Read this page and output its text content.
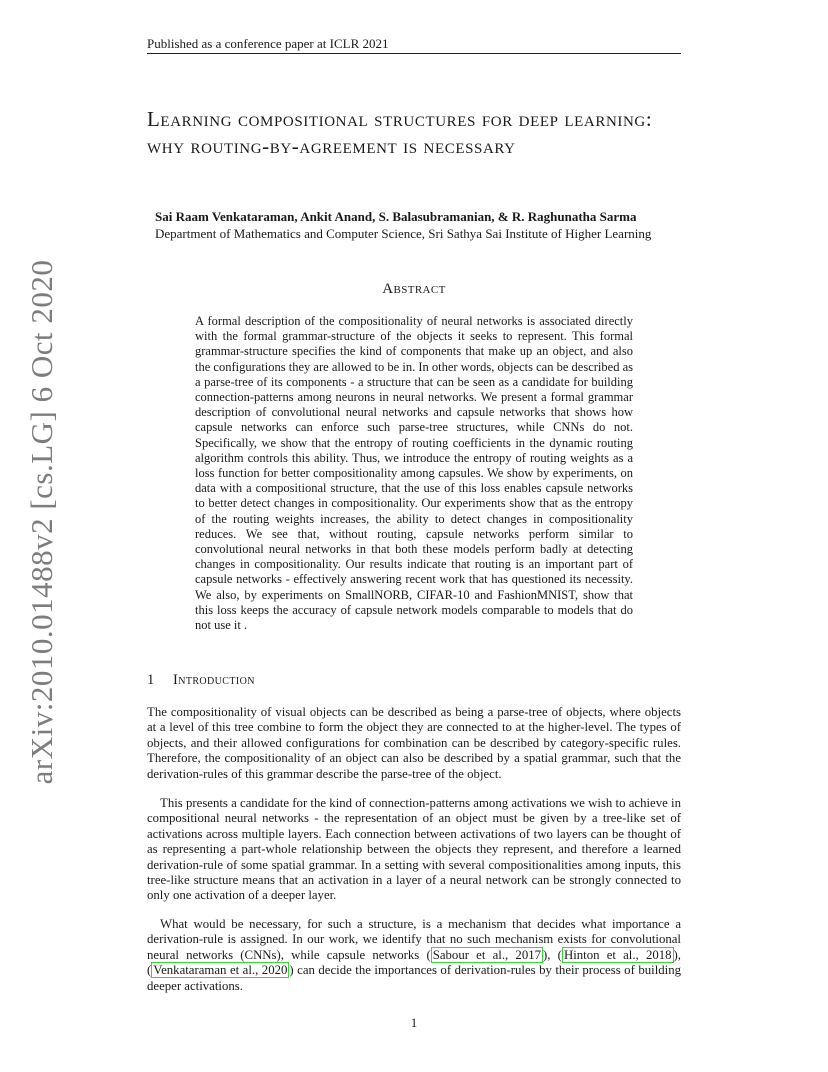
Published as a conference paper at ICLR 2021
Learning compositional structures for deep learning: why routing-by-agreement is necessary
Sai Raam Venkataraman, Ankit Anand, S. Balasubramanian, & R. Raghunatha Sarma
Department of Mathematics and Computer Science, Sri Sathya Sai Institute of Higher Learning
Abstract

A formal description of the compositionality of neural networks is associated directly with the formal grammar-structure of the objects it seeks to represent. This formal grammar-structure specifies the kind of components that make up an object, and also the configurations they are allowed to be in. In other words, objects can be described as a parse-tree of its components - a structure that can be seen as a candidate for building connection-patterns among neurons in neural networks. We present a formal grammar description of convolutional neural networks and capsule networks that shows how capsule networks can enforce such parse-tree structures, while CNNs do not. Specifically, we show that the entropy of routing coefficients in the dynamic routing algorithm controls this ability. Thus, we introduce the entropy of routing weights as a loss function for better compositionality among capsules. We show by experiments, on data with a compositional structure, that the use of this loss enables capsule networks to better detect changes in compositionality. Our experiments show that as the entropy of the routing weights increases, the ability to detect changes in compositionality reduces. We see that, without routing, capsule networks perform similar to convolutional neural networks in that both these models perform badly at detecting changes in compositionality. Our results indicate that routing is an important part of capsule networks - effectively answering recent work that has questioned its necessity. We also, by experiments on SmallNORB, CIFAR-10 and FashionMNIST, show that this loss keeps the accuracy of capsule network models comparable to models that do not use it .

1 Introduction

The compositionality of visual objects can be described as being a parse-tree of objects, where objects at a level of this tree combine to form the object they are connected to at the higher-level. The types of objects, and their allowed configurations for combination can be described by category-specific rules. Therefore, the compositionality of an object can also be described by a spatial grammar, such that the derivation-rules of this grammar describe the parse-tree of the object.

This presents a candidate for the kind of connection-patterns among activations we wish to achieve in compositional neural networks - the representation of an object must be given by a tree-like set of activations across multiple layers. Each connection between activations of two layers can be thought of as representing a part-whole relationship between the objects they represent, and therefore a learned derivation-rule of some spatial grammar. In a setting with several compositionalities among inputs, this tree-like structure means that an activation in a layer of a neural network can be strongly connected to only one activation of a deeper layer.

What would be necessary, for such a structure, is a mechanism that decides what importance a derivation-rule is assigned. In our work, we identify that no such mechanism exists for convolutional neural networks (CNNs), while capsule networks ( Sabour et al., 2017 ), ( Hinton et al., 2018 ), ( Venkataraman et al., 2020 ) can decide the importances of derivation-rules by their process of building deeper activations.

1
arXiv:2010.01488v2 [cs.LG] 6 Oct 2020
